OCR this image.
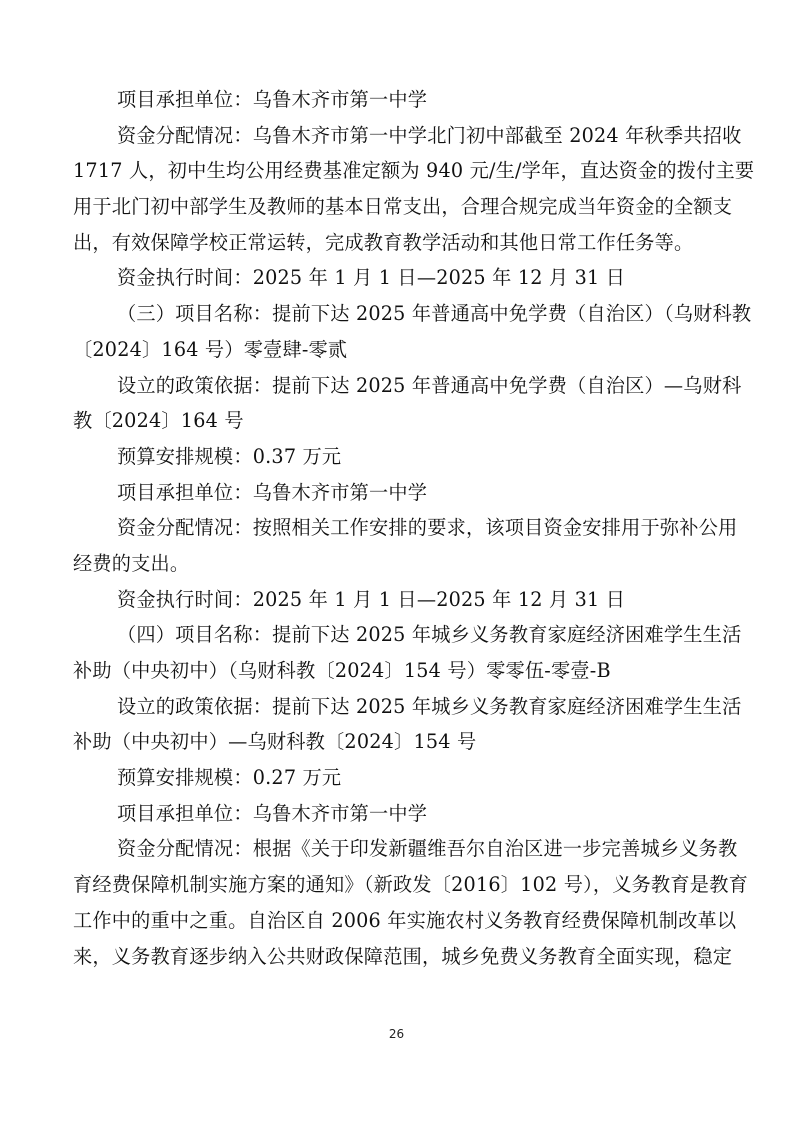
项目承担单位：乌鲁木齐市第一中学
资金分配情况：乌鲁木齐市第一中学北门初中部截至 2024 年秋季共招收
1717 人，初中生均公用经费基准定额为 940 元/生/学年，直达资金的拨付主要
用于北门初中部学生及教师的基本日常支出，合理合规完成当年资金的全额支
出，有效保障学校正常运转，完成教育教学活动和其他日常工作任务等。
资金执行时间：2025 年 1 月 1 日—2025 年 12 月 31 日
（三）项目名称：提前下达 2025 年普通高中免学费（自治区）（乌财科教
〔2024〕164 号）零壹肆-零贰
设立的政策依据：提前下达 2025 年普通高中免学费（自治区）—乌财科
教〔2024〕164 号
预算安排规模：0.37 万元
项目承担单位：乌鲁木齐市第一中学
资金分配情况：按照相关工作安排的要求，该项目资金安排用于弥补公用
经费的支出。
资金执行时间：2025 年 1 月 1 日—2025 年 12 月 31 日
（四）项目名称：提前下达 2025 年城乡义务教育家庭经济困难学生生活
补助（中央初中）（乌财科教〔2024〕154 号）零零伍-零壹-B
设立的政策依据：提前下达 2025 年城乡义务教育家庭经济困难学生生活
补助（中央初中）—乌财科教〔2024〕154 号
预算安排规模：0.27 万元
项目承担单位：乌鲁木齐市第一中学
资金分配情况：根据《关于印发新疆维吾尔自治区进一步完善城乡义务教
育经费保障机制实施方案的通知》（新政发〔2016〕102 号），义务教育是教育
工作中的重中之重。自治区自 2006 年实施农村义务教育经费保障机制改革以
来，义务教育逐步纳入公共财政保障范围，城乡免费义务教育全面实现，稳定
26
